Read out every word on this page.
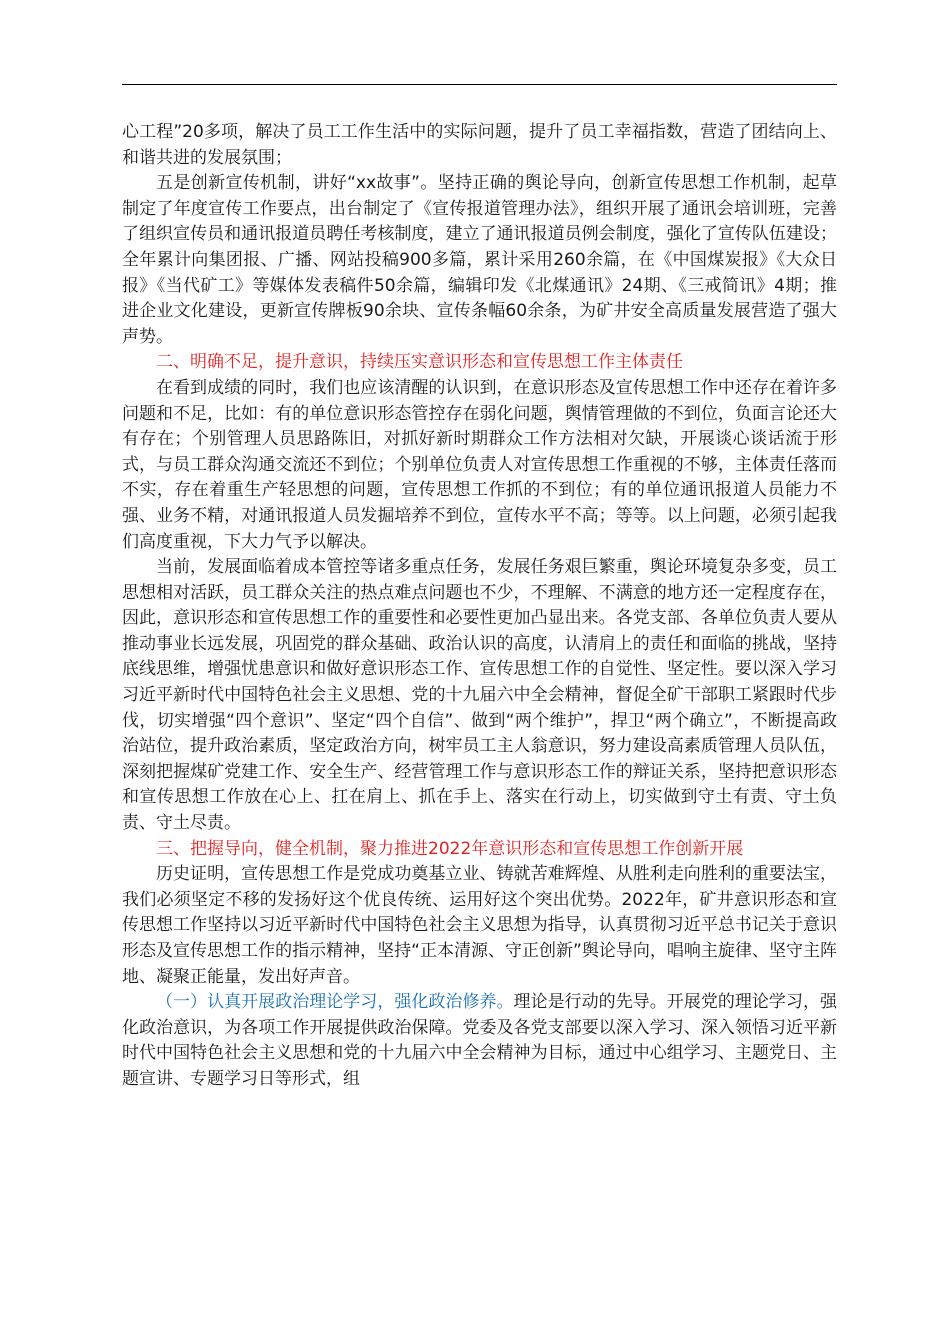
心工程”20多项，解决了员工工作生活中的实际问题，提升了员工幸福指数，营造了团结向上、和谐共进的发展氛围；

五是创新宣传机制，讲好“xx故事”。坚持正确的舆论导向，创新宣传思想工作机制，起草制定了年度宣传工作要点，出台制定了《宣传报道管理办法》，组织开展了通讯会培训班，完善了组织宣传员和通讯报道员聘任考核制度，建立了通讯报道员例会制度，强化了宣传队伍建设；全年累计向集团报、广播、网站投稿900多篇，累计采用260余篇，在《中国煤炭报》《大众日报》《当代矿工》等媒体发表稿件50余篇，编辑印发《北煤通讯》24期、《三戒简讯》4期；推进企业文化建设，更新宣传牌板90余块、宣传条幅60余条，为矿井安全高质量发展营造了强大声势。

二、明确不足，提升意识，持续压实意识形态和宣传思想工作主体责任

在看到成绩的同时，我们也应该清醒的认识到，在意识形态及宣传思想工作中还存在着许多问题和不足，比如：有的单位意识形态管控存在弱化问题，舆情管理做的不到位，负面言论还大有存在；个别管理人员思路陈旧，对抓好新时期群众工作方法相对欠缺，开展谈心谈话流于形式，与员工群众沟通交流还不到位；个别单位负责人对宣传思想工作重视的不够，主体责任落而不实，存在着重生产轻思想的问题，宣传思想工作抓的不到位；有的单位通讯报道人员能力不强、业务不精，对通讯报道人员发掘培养不到位，宣传水平不高；等等。以上问题，必须引起我们高度重视，下大力气予以解决。

当前，发展面临着成本管控等诸多重点任务，发展任务艰巨繁重，舆论环境复杂多变，员工思想相对活跃，员工群众关注的热点难点问题也不少，不理解、不满意的地方还一定程度存在，因此，意识形态和宣传思想工作的重要性和必要性更加凸显出来。各党支部、各单位负责人要从推动事业长远发展，巩固党的群众基础、政治认识的高度，认清肩上的责任和面临的挑战，坚持底线思维，增强忧患意识和做好意识形态工作、宣传思想工作的自觉性、坚定性。要以深入学习习近平新时代中国特色社会主义思想、党的十九届六中全会精神，督促全矿干部职工紧跟时代步伐，切实增强“四个意识”、坚定“四个自信”、做到“两个维护”，捍卫“两个确立”，不断提高政治站位，提升政治素质，坚定政治方向，树牢员工主人翁意识，努力建设高素质管理人员队伍，深刻把握煤矿党建工作、安全生产、经营管理工作与意识形态工作的辩证关系，坚持把意识形态和宣传思想工作放在心上、扛在肩上、抓在手上、落实在行动上，切实做到守土有责、守土负责、守土尽责。

三、把握导向，健全机制，聚力推进2022年意识形态和宣传思想工作创新开展

历史证明，宣传思想工作是党成功奠基立业、铸就苦难辉煌、从胜利走向胜利的重要法宝，我们必须坚定不移的发扬好这个优良传统、运用好这个突出优势。2022年，矿井意识形态和宣传思想工作坚持以习近平新时代中国特色社会主义思想为指导，认真贯彻习近平总书记关于意识形态及宣传思想工作的指示精神，坚持“正本清源、守正创新”舆论导向，唱响主旋律、坚守主阵地、凝聚正能量，发出好声音。

（一）认真开展政治理论学习，强化政治修养。理论是行动的先导。开展党的理论学习，强化政治意识，为各项工作开展提供政治保障。党委及各党支部要以深入学习、深入领悟习近平新时代中国特色社会主义思想和党的十九届六中全会精神为目标，通过中心组学习、主题党日、主题宣讲、专题学习日等形式，组
